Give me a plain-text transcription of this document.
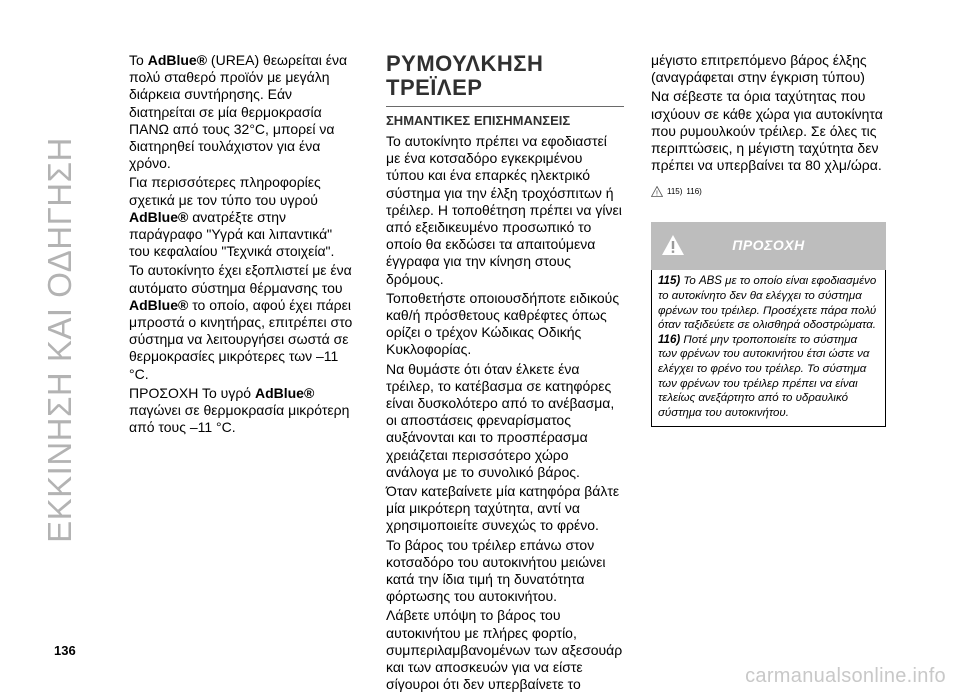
ΕΚΚΙΝΗΣΗ ΚΑΙ ΟΔΗΓΗΣΗ

Το AdBlue® (UREA) θεωρείται ένα πολύ σταθερό προϊόν με μεγάλη διάρκεια συντήρησης. Εάν διατηρείται σε μία θερμοκρασία ΠΑΝΩ από τους 32°C, μπορεί να διατηρηθεί τουλάχιστον για ένα χρόνο.

Για περισσότερες πληροφορίες σχετικά με τον τύπο του υγρού AdBlue® ανατρέξτε στην παράγραφο "Υγρά και λιπαντικά" του κεφαλαίου "Τεχνικά στοιχεία".

Το αυτοκίνητο έχει εξοπλιστεί με ένα αυτόματο σύστημα θέρμανσης του AdBlue® το οποίο, αφού έχει πάρει μπροστά ο κινητήρας, επιτρέπει στο σύστημα να λειτουργήσει σωστά σε θερμοκρασίες μικρότερες των –11 °C.

ΠΡΟΣΟΧΗ Το υγρό AdBlue® παγώνει σε θερμοκρασία μικρότερη από τους –11 °C.

ΡΥΜΟΥΛΚΗΣΗ ΤΡΕΪΛΕΡ
ΣΗΜΑΝΤΙΚΕΣ ΕΠΙΣΗΜΑΝΣΕΙΣ

Το αυτοκίνητο πρέπει να εφοδιαστεί με ένα κοτσαδόρο εγκεκριμένου τύπου και ένα επαρκές ηλεκτρικό σύστημα για την έλξη τροχόσπιτων ή τρέιλερ. Η τοποθέτηση πρέπει να γίνει από εξειδικευμένο προσωπικό το οποίο θα εκδώσει τα απαιτούμενα έγγραφα για την κίνηση στους δρόμους.

Τοποθετήστε οποιουσδήποτε ειδικούς καθ/ή πρόσθετους καθρέφτες όπως ορίζει ο τρέχον Κώδικας Οδικής Κυκλοφορίας.

Να θυμάστε ότι όταν έλκετε ένα τρέιλερ, το κατέβασμα σε κατηφόρες είναι δυσκολότερο από το ανέβασμα, οι αποστάσεις φρεναρίσματος αυξάνονται και το προσπέρασμα χρειάζεται περισσότερο χώρο ανάλογα με το συνολικό βάρος.

Όταν κατεβαίνετε μία κατηφόρα βάλτε μία μικρότερη ταχύτητα, αντί να χρησιμοποιείτε συνεχώς το φρένο.

Το βάρος του τρέιλερ επάνω στον κοτσαδόρο του αυτοκινήτου μειώνει κατά την ίδια τιμή τη δυνατότητα φόρτωσης του αυτοκινήτου.

Λάβετε υπόψη το βάρος του αυτοκινήτου με πλήρες φορτίο, συμπεριλαμβανομένων των αξεσουάρ και των αποσκευών για να είστε σίγουροι ότι δεν υπερβαίνετε το

μέγιστο επιτρεπόμενο βάρος έλξης (αναγράφεται στην έγκριση τύπου)

Να σέβεστε τα όρια ταχύτητας που ισχύουν σε κάθε χώρα για αυτοκίνητα που ρυμουλκούν τρέιλερ. Σε όλες τις περιπτώσεις, η μέγιστη ταχύτητα δεν πρέπει να υπερβαίνει τα 80 χλμ/ώρα.

! 115) 116)
ΠΡΟΣΟΧΗ

115) Το ABS με το οποίο είναι εφοδιασμένο το αυτοκίνητο δεν θα ελέγχει το σύστημα φρένων του τρέιλερ. Προσέχετε πάρα πολύ όταν ταξιδεύετε σε ολισθηρά οδοστρώματα.

116) Ποτέ μην τροποποιείτε το σύστημα των φρένων του αυτοκινήτου έτσι ώστε να ελέγχει το φρένο του τρέιλερ. Το σύστημα των φρένων του τρέιλερ πρέπει να είναι τελείως ανεξάρτητο από το υδραυλικό σύστημα του αυτοκινήτου.

136
carmanualsonline.info
